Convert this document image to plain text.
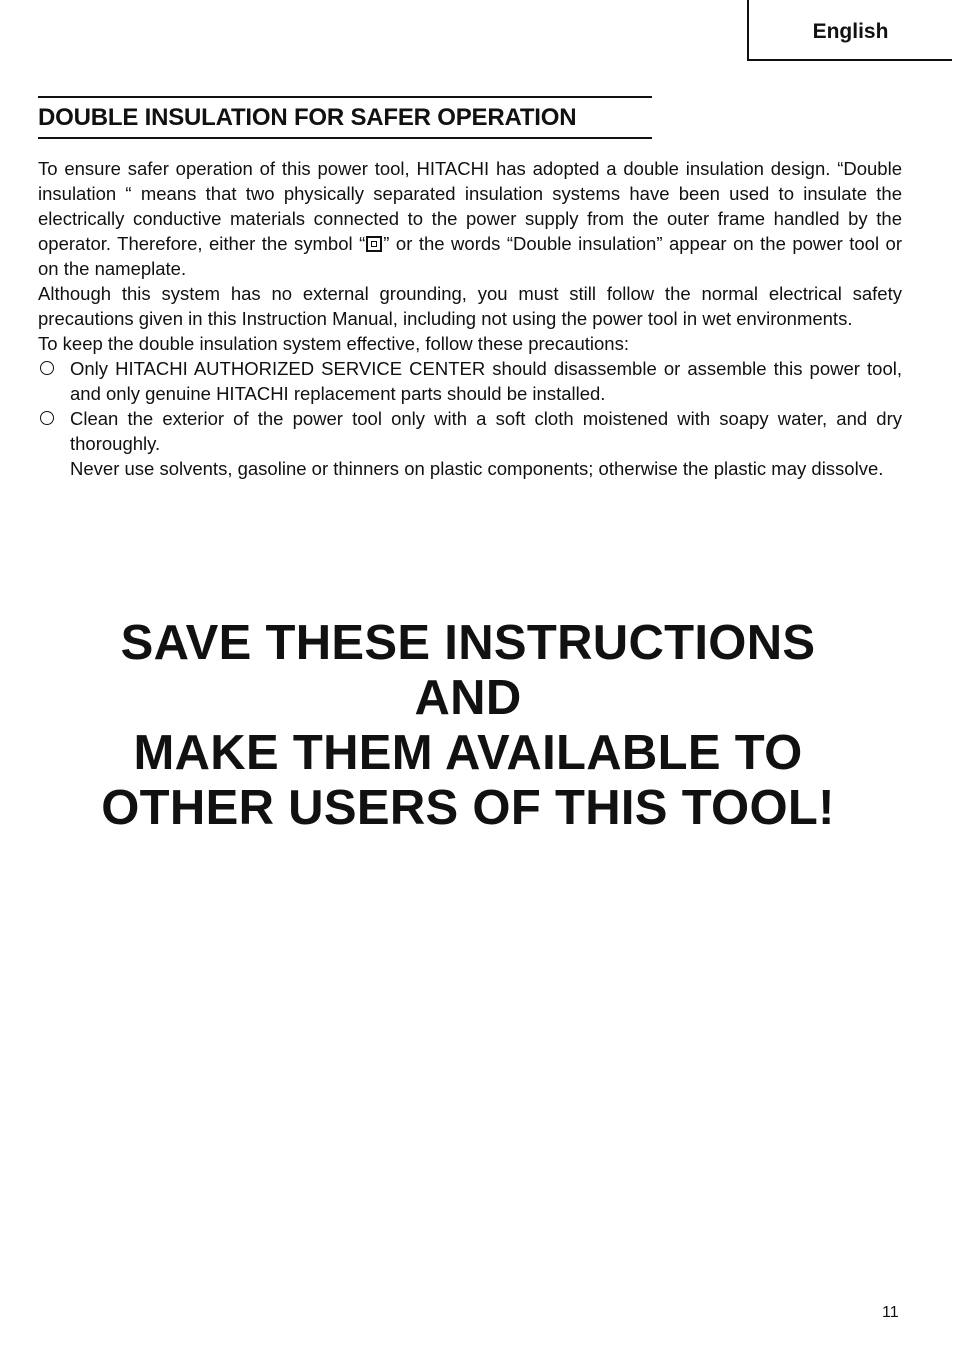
English
DOUBLE INSULATION FOR SAFER OPERATION

To ensure safer operation of this power tool, HITACHI has adopted a double insulation design. “Double insulation “ means that two physically separated insulation systems have been used to insulate the electrically conductive materials connected to the power supply from the outer frame handled by the operator. Therefore, either the symbol “ ” or the words “Double insulation” appear on the power tool or on the nameplate.

Although this system has no external grounding, you must still follow the normal electrical safety precautions given in this Instruction Manual, including not using the power tool in wet environments.

To keep the double insulation system effective, follow these precautions:

Only HITACHI AUTHORIZED SERVICE CENTER should disassemble or assemble this power tool, and only genuine HITACHI replacement parts should be installed.
Clean the exterior of the power tool only with a soft cloth moistened with soapy water, and dry thoroughly.
Never use solvents, gasoline or thinners on plastic components; otherwise the plastic may dissolve.
SAVE THESE INSTRUCTIONS
AND
MAKE THEM AVAILABLE TO
OTHER USERS OF THIS TOOL!
11
